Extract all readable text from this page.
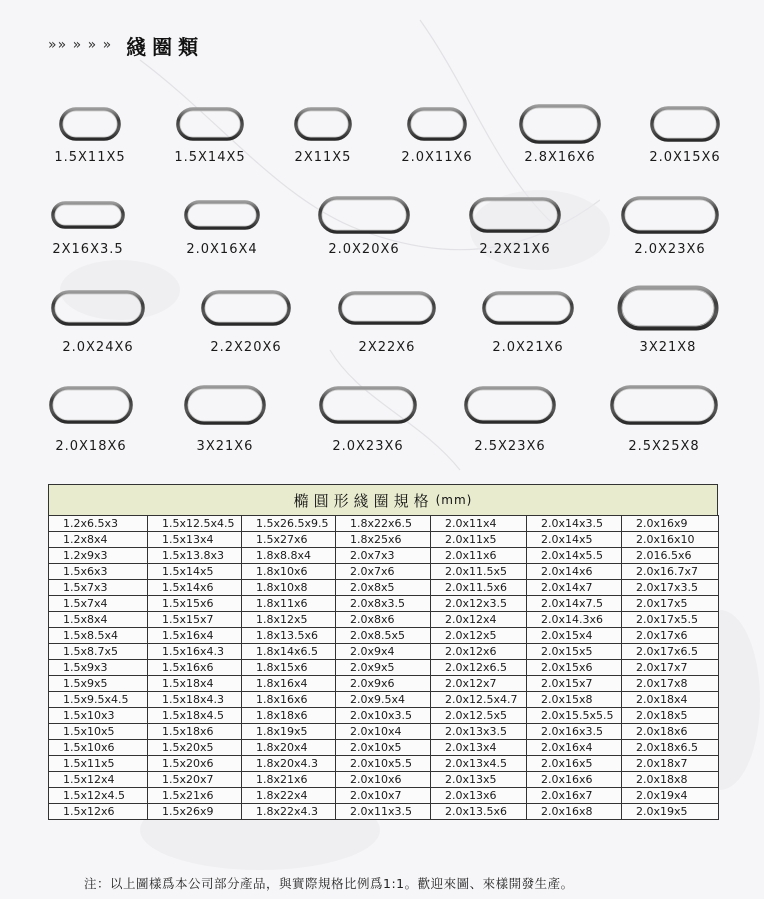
»» » » » 綫圈類
1.5X11X5	1.5X14X5	2X11X5	2.0X11X6	2.8X16X6	2.0X15X6
2X16X3.5	2.0X16X4	2.0X20X6	2.2X21X6	2.0X23X6
2.0X24X6	2.2X20X6	2X22X6	2.0X21X6	3X21X8
2.0X18X6	3X21X6	2.0X23X6	2.5X23X6	2.5X25X8
橢圓形綫圈規格 (mm)
1.2x6.5x3	1.5x12.5x4.5	1.5x26.5x9.5	1.8x22x6.5	2.0x11x4	2.0x14x3.5	2.0x16x9
1.2x8x4	1.5x13x4	1.5x27x6	1.8x25x6	2.0x11x5	2.0x14x5	2.0x16x10
1.2x9x3	1.5x13.8x3	1.8x8.8x4	2.0x7x3	2.0x11x6	2.0x14x5.5	2.016.5x6
1.5x6x3	1.5x14x5	1.8x10x6	2.0x7x6	2.0x11.5x5	2.0x14x6	2.0x16.7x7
1.5x7x3	1.5x14x6	1.8x10x8	2.0x8x5	2.0x11.5x6	2.0x14x7	2.0x17x3.5
1.5x7x4	1.5x15x6	1.8x11x6	2.0x8x3.5	2.0x12x3.5	2.0x14x7.5	2.0x17x5
1.5x8x4	1.5x15x7	1.8x12x5	2.0x8x6	2.0x12x4	2.0x14.3x6	2.0x17x5.5
1.5x8.5x4	1.5x16x4	1.8x13.5x6	2.0x8.5x5	2.0x12x5	2.0x15x4	2.0x17x6
1.5x8.7x5	1.5x16x4.3	1.8x14x6.5	2.0x9x4	2.0x12x6	2.0x15x5	2.0x17x6.5
1.5x9x3	1.5x16x6	1.8x15x6	2.0x9x5	2.0x12x6.5	2.0x15x6	2.0x17x7
1.5x9x5	1.5x18x4	1.8x16x4	2.0x9x6	2.0x12x7	2.0x15x7	2.0x17x8
1.5x9.5x4.5	1.5x18x4.3	1.8x16x6	2.0x9.5x4	2.0x12.5x4.7	2.0x15x8	2.0x18x4
1.5x10x3	1.5x18x4.5	1.8x18x6	2.0x10x3.5	2.0x12.5x5	2.0x15.5x5.5	2.0x18x5
1.5x10x5	1.5x18x6	1.8x19x5	2.0x10x4	2.0x13x3.5	2.0x16x3.5	2.0x18x6
1.5x10x6	1.5x20x5	1.8x20x4	2.0x10x5	2.0x13x4	2.0x16x4	2.0x18x6.5
1.5x11x5	1.5x20x6	1.8x20x4.3	2.0x10x5.5	2.0x13x4.5	2.0x16x5	2.0x18x7
1.5x12x4	1.5x20x7	1.8x21x6	2.0x10x6	2.0x13x5	2.0x16x6	2.0x18x8
1.5x12x4.5	1.5x21x6	1.8x22x4	2.0x10x7	2.0x13x6	2.0x16x7	2.0x19x4
1.5x12x6	1.5x26x9	1.8x22x4.3	2.0x11x3.5	2.0x13.5x6	2.0x16x8	2.0x19x5
注：以上圖樣爲本公司部分產品，與實際規格比例爲1:1。歡迎來圖、來樣開發生產。
